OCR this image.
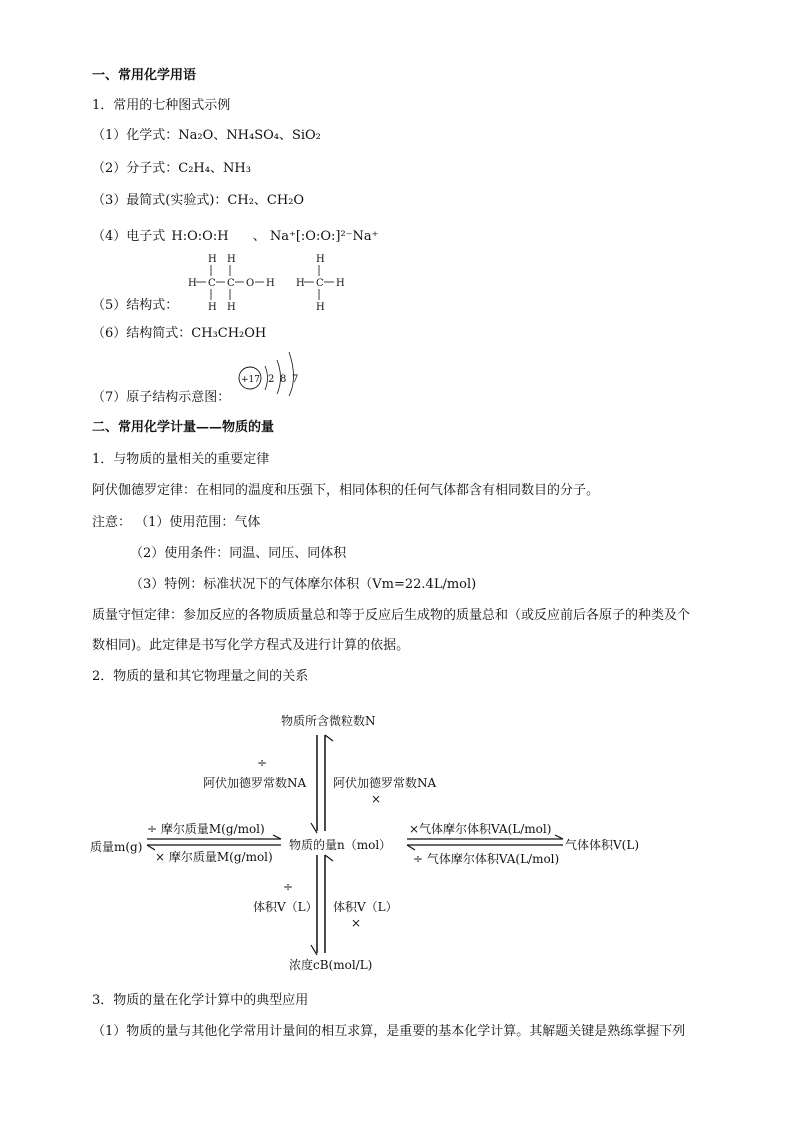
一、常用化学用语
1．常用的七种图式示例
（1）化学式：Na₂O、NH₄SO₄、SiO₂
（2）分子式：C₂H₄、NH₃
（3）最简式(实验式)：CH₂、CH₂O
（4）电子式 H:O:O:H 、 Na⁺[:O:O:]²⁻Na⁺
H H
H C C O H
H H
H
H C H
H
（5）结构式：
（6）结构简式：CH₃CH₂OH
+17 2 8 7
（7）原子结构示意图：
二、常用化学计量——物质的量
1．与物质的量相关的重要定律
阿伏伽德罗定律：在相同的温度和压强下，相同体积的任何气体都含有相同数目的分子。
注意： （1）使用范围：气体
（2）使用条件：同温、同压、同体积
（3）特例：标准状况下的气体摩尔体积（Vm=22.4L/mol)
质量守恒定律：参加反应的各物质质量总和等于反应后生成物的质量总和（或反应前后各原子的种类及个
数相同)。此定律是书写化学方程式及进行计算的依据。
2．物质的量和其它物理量之间的关系
物质所含微粒数N
÷
阿伏加德罗常数NA 阿伏加德罗常数NA
×
质量m(g)
÷ 摩尔质量M(g/mol)
× 摩尔质量M(g/mol)
物质的量n（mol）
×气体摩尔体积VA(L/mol)
÷ 气体摩尔体积VA(L/mol)
气体体积V(L)
÷
体积V（L） 体积V（L）
×
浓度cB(mol/L)
3．物质的量在化学计算中的典型应用
（1）物质的量与其他化学常用计量间的相互求算，是重要的基本化学计算。其解题关键是熟练掌握下列
